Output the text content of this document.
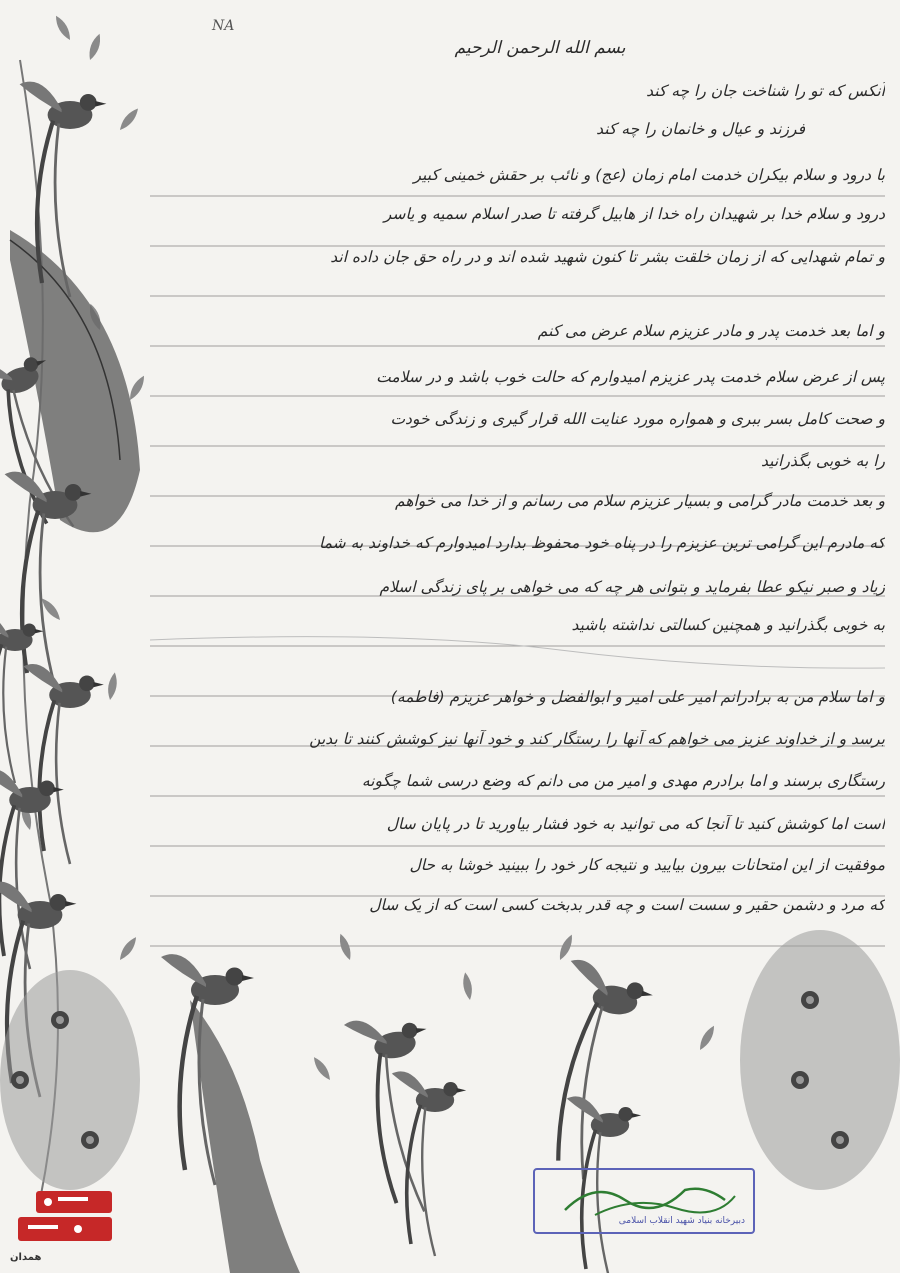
NA
بسم الله الرحمن الرحیم
آنکس که تو را شناخت جان را چه کند
فرزند و عیال و خانمان را چه کند
با درود و سلام بیکران خدمت امام زمان (عج) و نائب بر حقش خمینی کبیر
درود و سلام خدا بر شهیدان راه خدا از هابیل گرفته تا صدر اسلام سمیه و یاسر
و تمام شهدایی که از زمان خلقت بشر تا کنون شهید شده اند و در راه حق جان داده اند
و اما بعد خدمت پدر و مادر عزیزم سلام عرض می کنم
پس از عرض سلام خدمت پدر عزیزم امیدوارم که حالت خوب باشد و در سلامت
و صحت کامل بسر ببری و همواره مورد عنایت الله قرار گیری و زندگی خودت
را به خوبی بگذرانید
و بعد خدمت مادر گرامی و بسیار عزیزم سلام می رسانم و از خدا می خواهم
که مادرم این گرامی ترین عزیزم را در پناه خود محفوظ بدارد امیدوارم که خداوند به شما
زیاد و صبر نیکو عطا بفرماید و بتوانی هر چه که می خواهی بر پای زندگی اسلام
به خوبی بگذرانید و همچنین کسالتی نداشته باشید
و اما سلام من به برادرانم امیر علی امیر و ابوالفضل و خواهر عزیزم (فاطمه)
برسد و از خداوند عزیز می خواهم که آنها را رستگار کند و خود آنها نیز کوشش کنند تا بدین
رستگاری برسند و اما برادرم مهدی و امیر من می دانم که وضع درسی شما چگونه
است اما کوشش کنید تا آنجا که می توانید به خود فشار بیاورید تا در پایان سال
موفقیت از این امتحانات بیرون بیایید و نتیجه کار خود را ببینید خوشا به حال
که مرد و دشمن حقیر و سست است و چه قدر بدبخت کسی است که از یک سال
دبیرخانه بنیاد شهید انقلاب اسلامی
همدان
